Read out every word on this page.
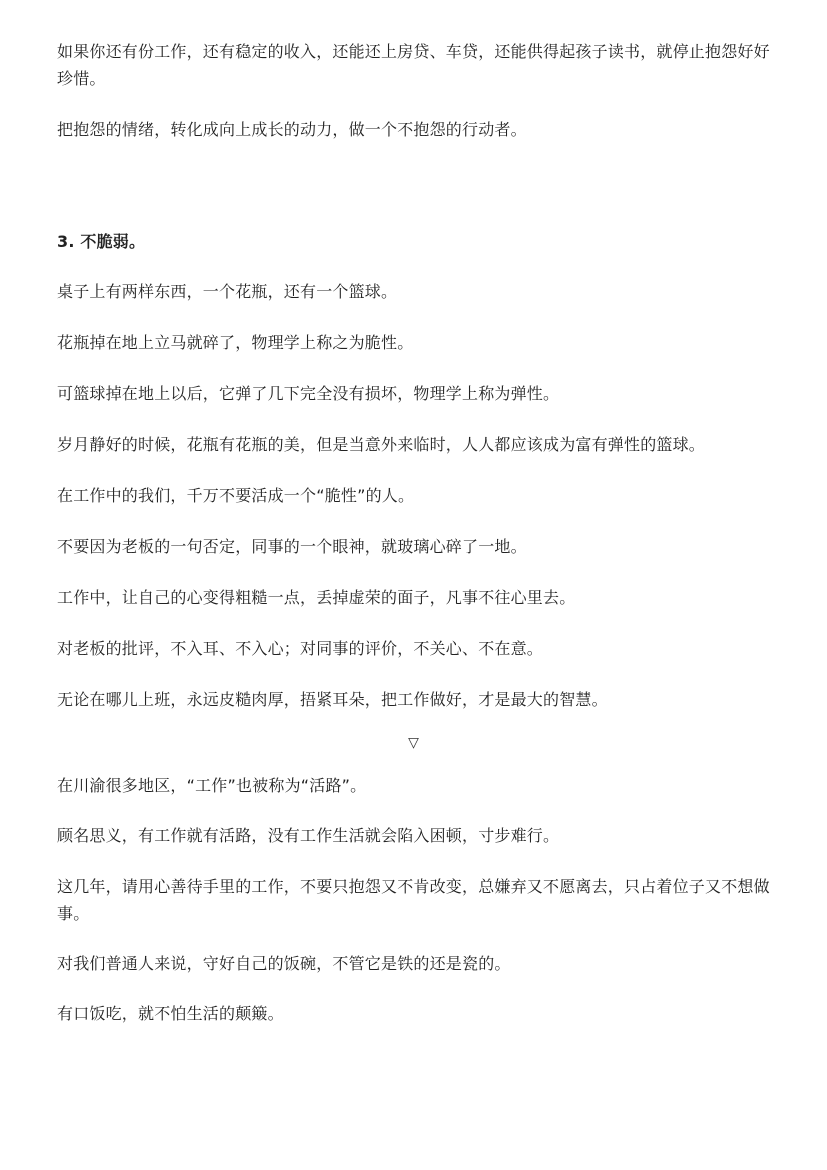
如果你还有份工作，还有稳定的收入，还能还上房贷、车贷，还能供得起孩子读书，就停止抱怨好好珍惜。

把抱怨的情绪，转化成向上成长的动力，做一个不抱怨的行动者。

3. 不脆弱。

桌子上有两样东西，一个花瓶，还有一个篮球。

花瓶掉在地上立马就碎了，物理学上称之为脆性。

可篮球掉在地上以后，它弹了几下完全没有损坏，物理学上称为弹性。

岁月静好的时候，花瓶有花瓶的美，但是当意外来临时，人人都应该成为富有弹性的篮球。

在工作中的我们，千万不要活成一个“脆性”的人。

不要因为老板的一句否定，同事的一个眼神，就玻璃心碎了一地。

工作中，让自己的心变得粗糙一点，丢掉虚荣的面子，凡事不往心里去。

对老板的批评，不入耳、不入心；对同事的评价，不关心、不在意。

无论在哪儿上班，永远皮糙肉厚，捂紧耳朵，把工作做好，才是最大的智慧。

▽

在川渝很多地区，“工作”也被称为“活路”。

顾名思义，有工作就有活路，没有工作生活就会陷入困顿，寸步难行。

这几年，请用心善待手里的工作，不要只抱怨又不肯改变，总嫌弃又不愿离去，只占着位子又不想做事。

对我们普通人来说，守好自己的饭碗，不管它是铁的还是瓷的。

有口饭吃，就不怕生活的颠簸。
